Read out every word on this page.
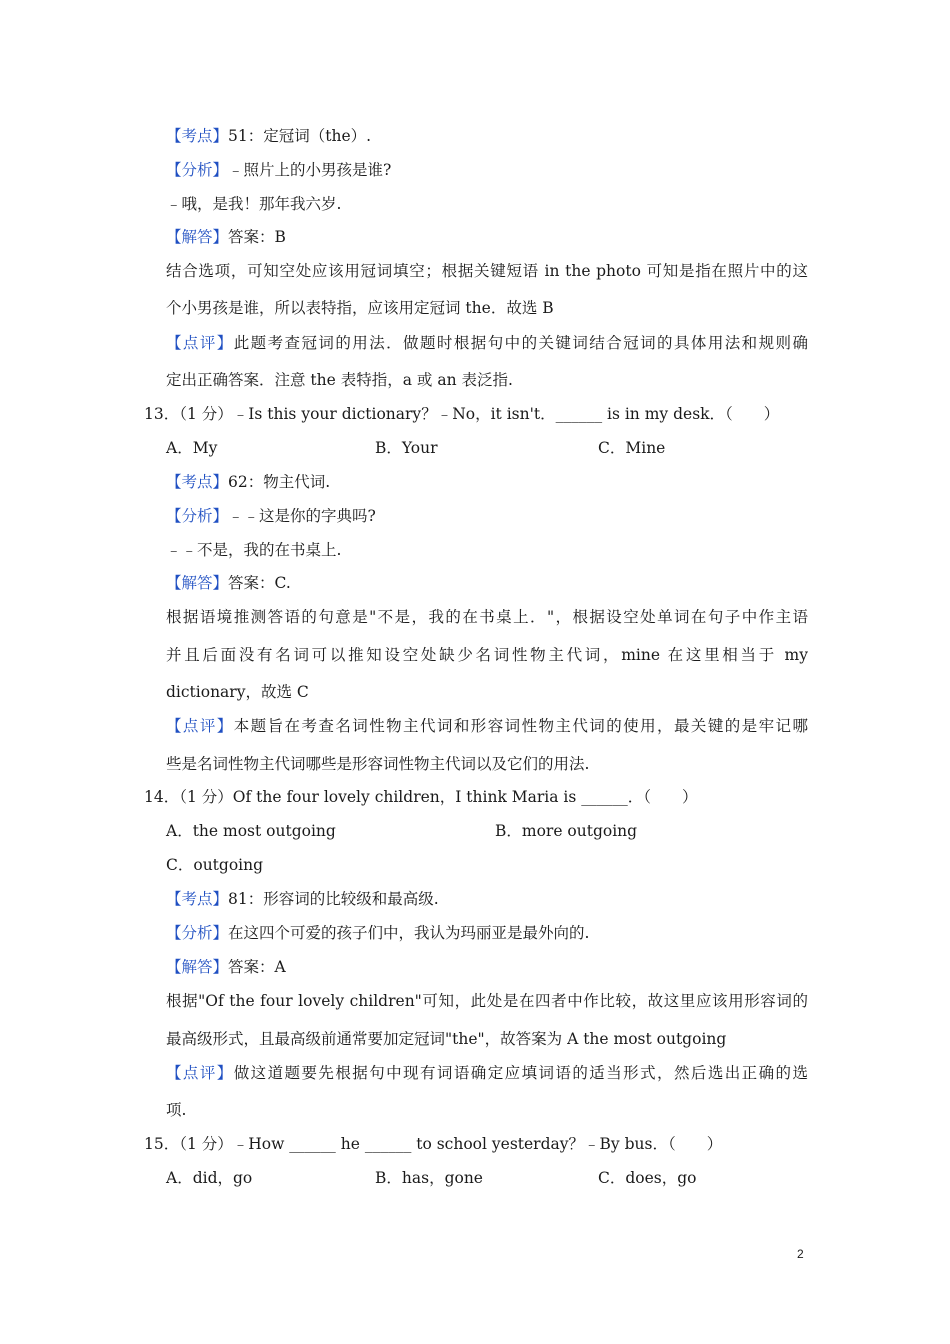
【考点】51：定冠词（the）.
【分析】﹣照片上的小男孩是谁?
﹣哦，是我！那年我六岁.
【解答】答案：B
结合选项，可知空处应该用冠词填空；根据关键短语 in the photo 可知是指在照片中的这
个小男孩是谁，所以表特指，应该用定冠词 the．故选 B
【点评】此题考查冠词的用法．做题时根据句中的关键词结合冠词的具体用法和规则确
定出正确答案．注意 the 表特指，a 或 an 表泛指.
13．（1 分）﹣Is this your dictionary？﹣No，it isn't．______ is in my desk．（　　）
A．My	B．Your	C．Mine
【考点】62：物主代词.
【分析】﹣﹣这是你的字典吗?
﹣﹣不是，我的在书桌上.
【解答】答案：C.
根据语境推测答语的句意是"不是，我的在书桌上．"，根据设空处单词在句子中作主语
并且后面没有名词可以推知设空处缺少名词性物主代词，mine 在这里相当于 my
dictionary，故选 C
【点评】本题旨在考查名词性物主代词和形容词性物主代词的使用，最关键的是牢记哪
些是名词性物主代词哪些是形容词性物主代词以及它们的用法.
14．（1 分）Of the four lovely children，I think Maria is ______．（　　）
A．the most outgoing	B．more outgoing
C．outgoing
【考点】81：形容词的比较级和最高级.
【分析】在这四个可爱的孩子们中，我认为玛丽亚是最外向的.
【解答】答案：A
根据"Of the four lovely children"可知，此处是在四者中作比较，故这里应该用形容词的
最高级形式，且最高级前通常要加定冠词"the"，故答案为 A the most outgoing
【点评】做这道题要先根据句中现有词语确定应填词语的适当形式，然后选出正确的选
项.
15．（1 分）﹣How ______ he ______ to school yesterday？﹣By bus．（　　）
A．did，go	B．has，gone	C．does，go
2
